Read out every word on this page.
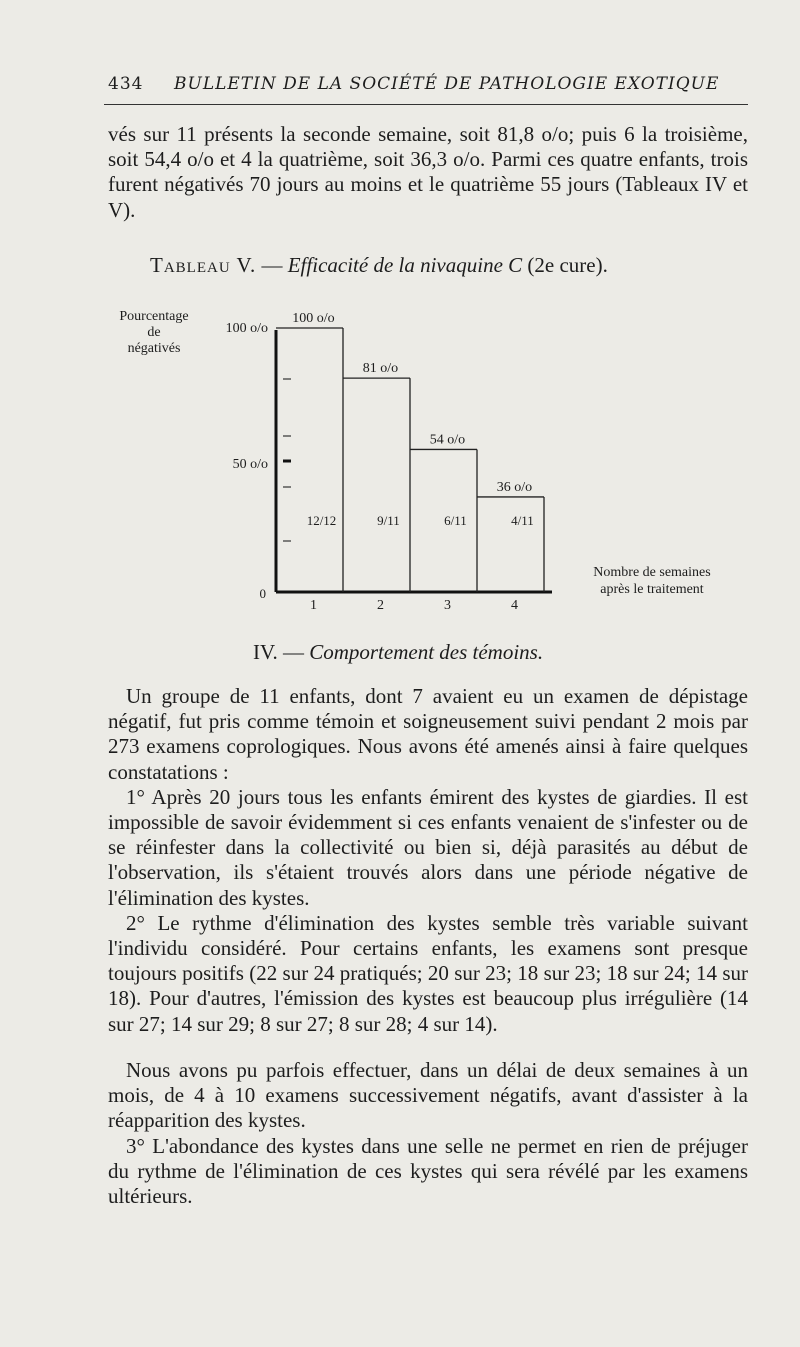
434	BULLETIN DE LA SOCIÉTÉ DE PATHOLOGIE EXOTIQUE
vés sur 11 présents la seconde semaine, soit 81,8 o/o; puis 6 la troisième, soit 54,4 o/o et 4 la quatrième, soit 36,3 o/o. Parmi ces quatre enfants, trois furent négativés 70 jours au moins et le quatrième 55 jours (Tableaux IV et V).
Tableau V. — Efficacité de la nivaquine C (2e cure).
Pourcentage
de
négativés
100 o/o
50 o/o
0
100 o/o
12/12
1
81 o/o
9/11
2
54 o/o
6/11
3
36 o/o
4/11
4
Nombre de semaines
après le traitement
IV. — Comportement des témoins.
Un groupe de 11 enfants, dont 7 avaient eu un examen de dépistage négatif, fut pris comme témoin et soigneusement suivi pendant 2 mois par 273 examens coprologiques. Nous avons été amenés ainsi à faire quelques constatations :
1° Après 20 jours tous les enfants émirent des kystes de giardies. Il est impossible de savoir évidemment si ces enfants venaient de s'infester ou de se réinfester dans la collectivité ou bien si, déjà parasités au début de l'observation, ils s'étaient trouvés alors dans une période négative de l'élimination des kystes.
2° Le rythme d'élimination des kystes semble très variable suivant l'individu considéré. Pour certains enfants, les examens sont presque toujours positifs (22 sur 24 pratiqués; 20 sur 23; 18 sur 23; 18 sur 24; 14 sur 18). Pour d'autres, l'émission des kystes est beaucoup plus irrégulière (14 sur 27; 14 sur 29; 8 sur 27; 8 sur 28; 4 sur 14).
Nous avons pu parfois effectuer, dans un délai de deux semaines à un mois, de 4 à 10 examens successivement négatifs, avant d'assister à la réapparition des kystes.
3° L'abondance des kystes dans une selle ne permet en rien de préjuger du rythme de l'élimination de ces kystes qui sera révélé par les examens ultérieurs.
